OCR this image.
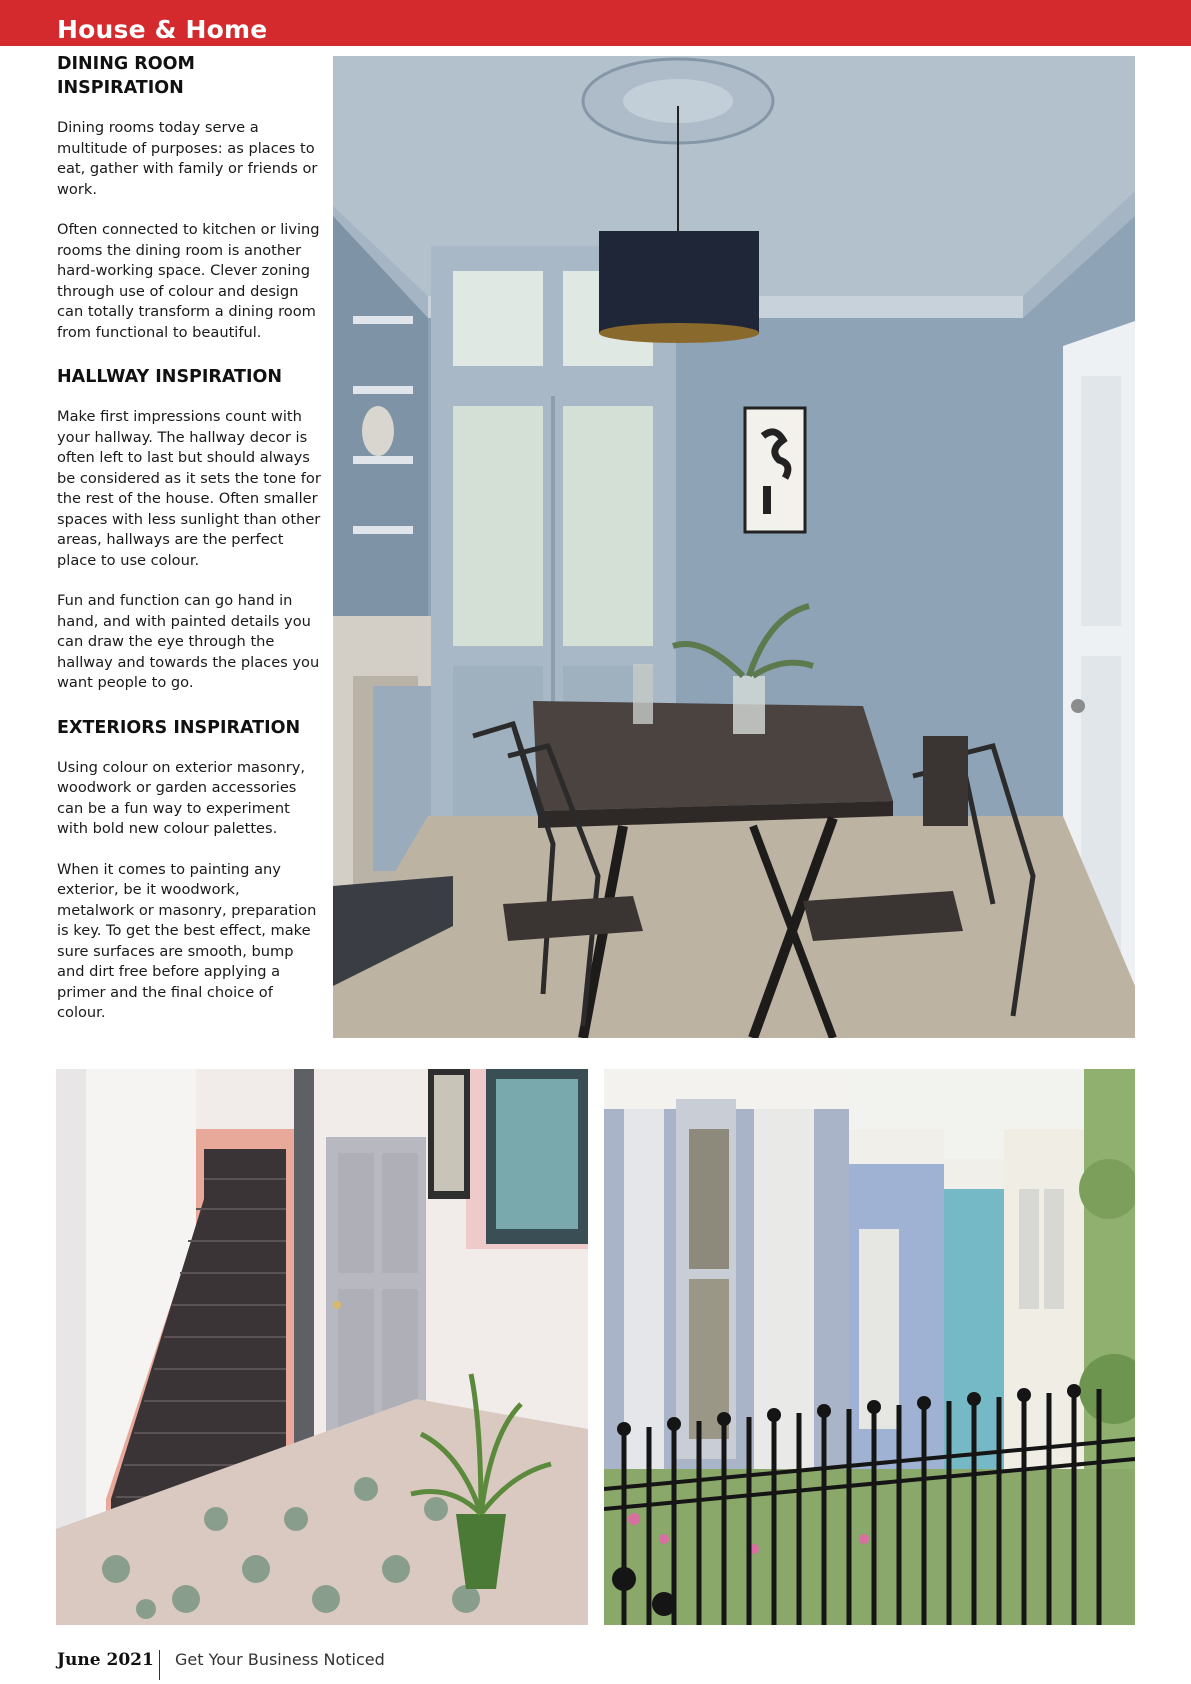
House & Home
DINING ROOM INSPIRATION

Dining rooms today serve a multitude of purposes: as places to eat, gather with family or friends or work.

Often connected to kitchen or living rooms the dining room is another hard-working space. Clever zoning through use of colour and design can totally transform a dining room from functional to beautiful.

HALLWAY INSPIRATION

Make first impressions count with your hallway. The hallway decor is often left to last but should always be considered as it sets the tone for the rest of the house. Often smaller spaces with less sunlight than other areas, hallways are the perfect place to use colour.

Fun and function can go hand in hand, and with painted details you can draw the eye through the hallway and towards the places you want people to go.

EXTERIORS INSPIRATION

Using colour on exterior masonry, woodwork or garden accessories can be a fun way to experiment with bold new colour palettes.

When it comes to painting any exterior, be it woodwork, metalwork or masonry, preparation is key. To get the best effect, make sure surfaces are smooth, bump and dirt free before applying a primer and the final choice of colour.

June 2021 Get Your Business Noticed
